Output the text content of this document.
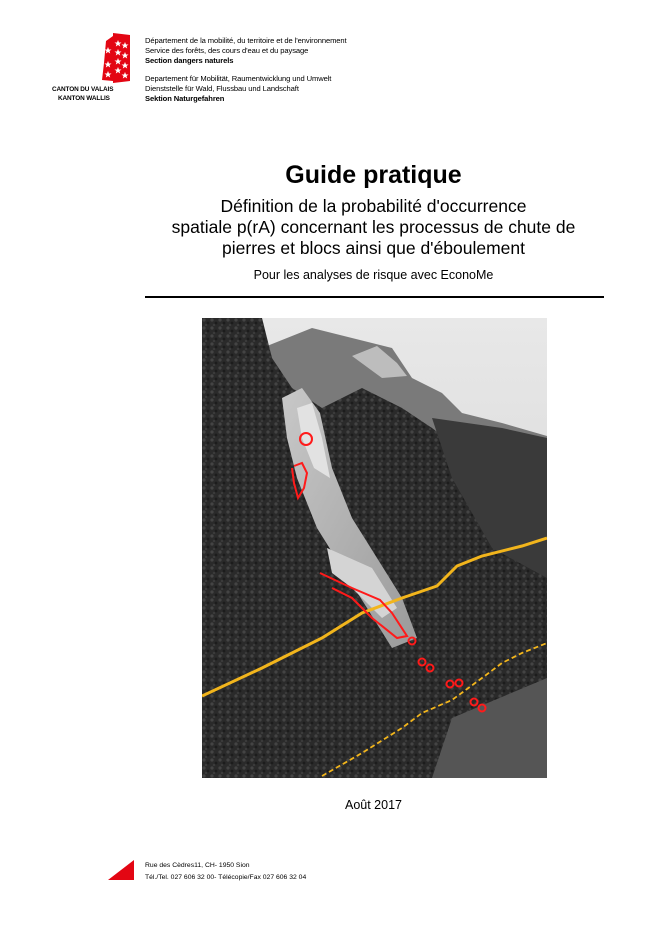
CANTON DU VALAIS
KANTON WALLIS
Département de la mobilité, du territoire et de l'environnement
Service des forêts, des cours d'eau et du paysage
Section dangers naturels
Departement für Mobilität, Raumentwicklung und Umwelt
Dienststelle für Wald, Flussbau und Landschaft
Sektion Naturgefahren
Guide pratique
Définition de la probabilité d'occurrence
spatiale p(rA) concernant les processus de chute de
pierres et blocs ainsi que d'éboulement
Pour les analyses de risque avec EconoMe
Août 2017
Rue des Cèdres11, CH- 1950 Sion
Tél./Tel. 027 606 32 00- Télécopie/Fax 027 606 32 04
